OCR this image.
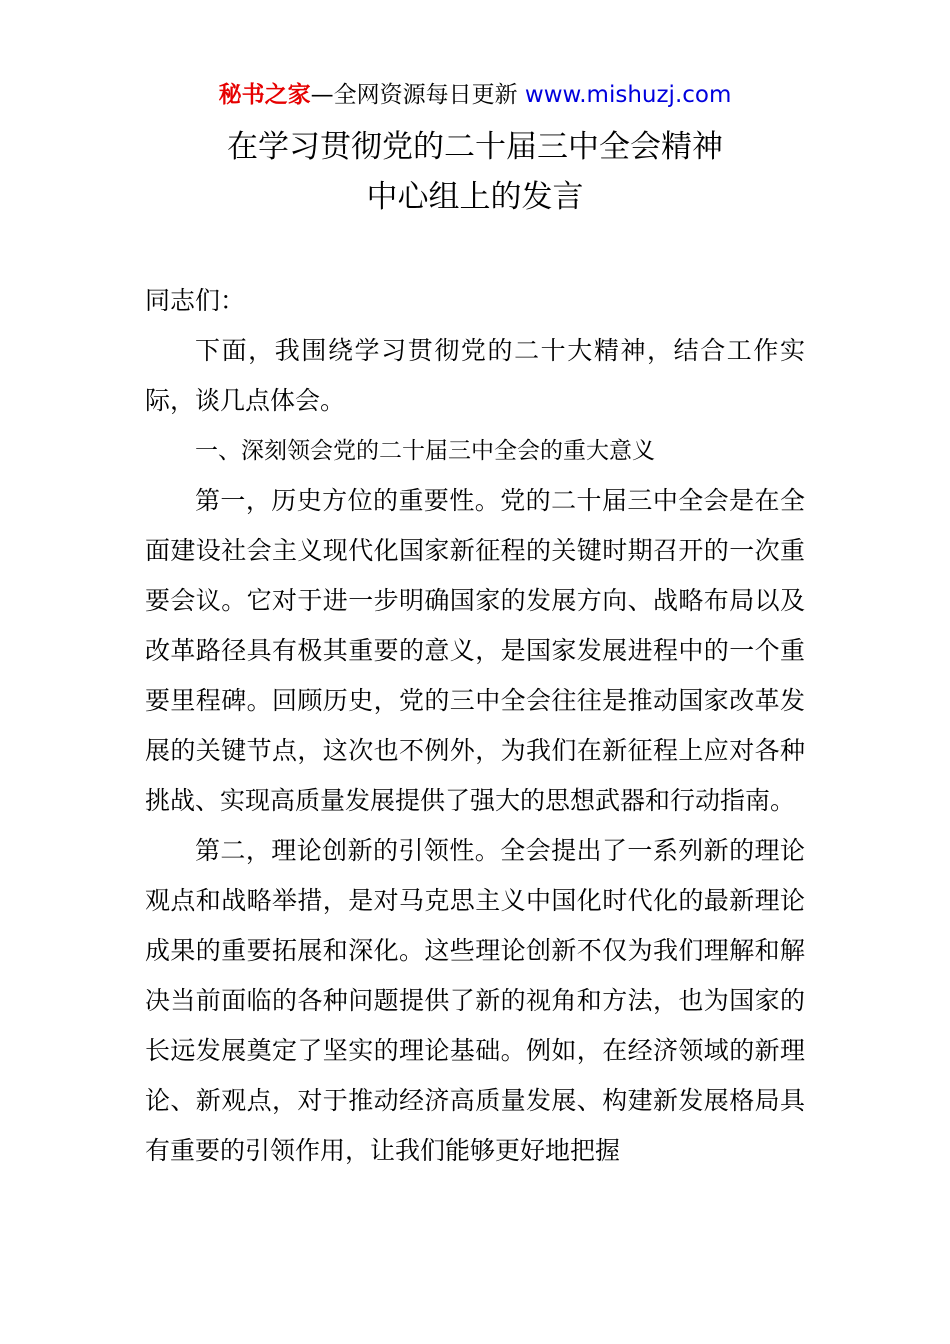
秘书之家—全网资源每日更新 www.mishuzj.com
在学习贯彻党的二十届三中全会精神
中心组上的发言

同志们：

下面，我围绕学习贯彻党的二十大精神，结合工作实际，谈几点体会。

一、深刻领会党的二十届三中全会的重大意义

第一，历史方位的重要性。党的二十届三中全会是在全面建设社会主义现代化国家新征程的关键时期召开的一次重要会议。它对于进一步明确国家的发展方向、战略布局以及改革路径具有极其重要的意义，是国家发展进程中的一个重要里程碑。回顾历史，党的三中全会往往是推动国家改革发展的关键节点，这次也不例外，为我们在新征程上应对各种挑战、实现高质量发展提供了强大的思想武器和行动指南。

第二，理论创新的引领性。全会提出了一系列新的理论观点和战略举措，是对马克思主义中国化时代化的最新理论成果的重要拓展和深化。这些理论创新不仅为我们理解和解决当前面临的各种问题提供了新的视角和方法，也为国家的长远发展奠定了坚实的理论基础。例如，在经济领域的新理论、新观点，对于推动经济高质量发展、构建新发展格局具有重要的引领作用，让我们能够更好地把握
